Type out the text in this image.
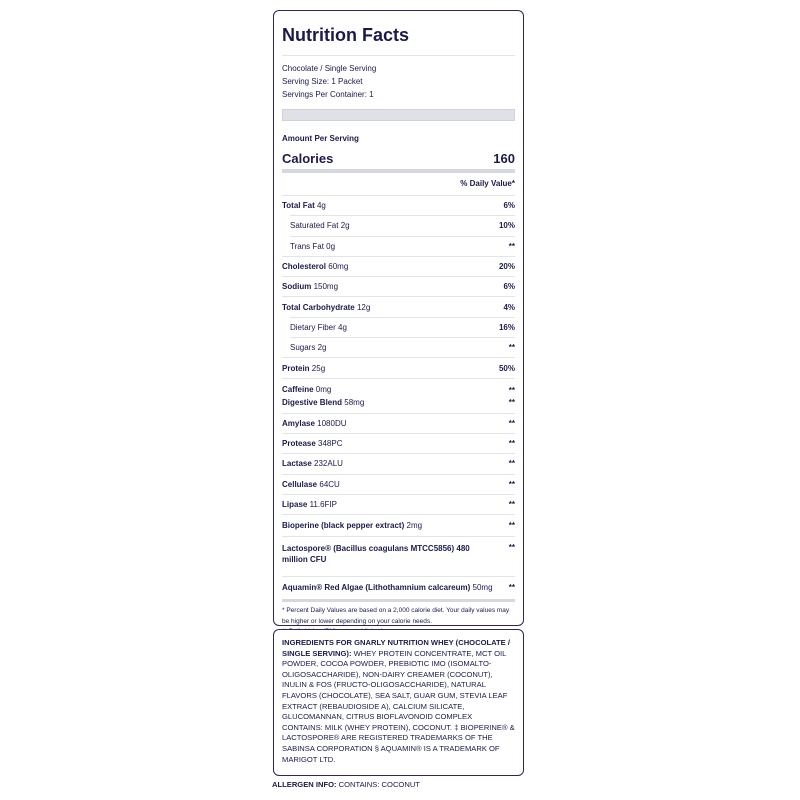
Nutrition Facts
Chocolate / Single Serving
Serving Size: 1 Packet
Servings Per Container: 1
Amount Per Serving
Calories	160
% Daily Value*
Total Fat 4g	6%
Saturated Fat 2g	10%
Trans Fat 0g	**
Cholesterol 60mg	20%
Sodium 150mg	6%
Total Carbohydrate 12g	4%
Dietary Fiber 4g	16%
Sugars 2g	**
Protein 25g	50%
Caffeine 0mg	**
Digestive Blend 58mg	**
Amylase 1080DU	**
Protease 348PC	**
Lactase 232ALU	**
Cellulase 64CU	**
Lipase 11.6FIP	**
Bioperine (black pepper extract) 2mg	**
Lactospore® (Bacillus coagulans MTCC5856) 480 million CFU
**
Aquamin® Red Algae (Lithothamnium calcareum) 50mg **
* Percent Daily Values are based on a 2,000 calorie diet. Your daily values may be higher or lower depending on your calorie needs.
INGREDIENTS FOR GNARLY NUTRITION WHEY (CHOCOLATE / SINGLE SERVING): WHEY PROTEIN CONCENTRATE, MCT OIL POWDER, COCOA POWDER, PREBIOTIC IMO (ISOMALTO-OLIGOSACCHARIDE), NON-DAIRY CREAMER (COCONUT), INULIN & FOS (FRUCTO-OLIGOSACCHARIDE), NATURAL FLAVORS (CHOCOLATE), SEA SALT, GUAR GUM, STEVIA LEAF EXTRACT (REBAUDIOSIDE A), CALCIUM SILICATE, GLUCOMANNAN, CITRUS BIOFLAVONOID COMPLEX CONTAINS: MILK (WHEY PROTEIN), COCONUT. ‡ BIOPERINE® & LACTOSPORE® ARE REGISTERED TRADEMARKS OF THE SABINSA CORPORATION § AQUAMIN® IS A TRADEMARK OF MARIGOT LTD.
ALLERGEN INFO: CONTAINS: COCONUT
